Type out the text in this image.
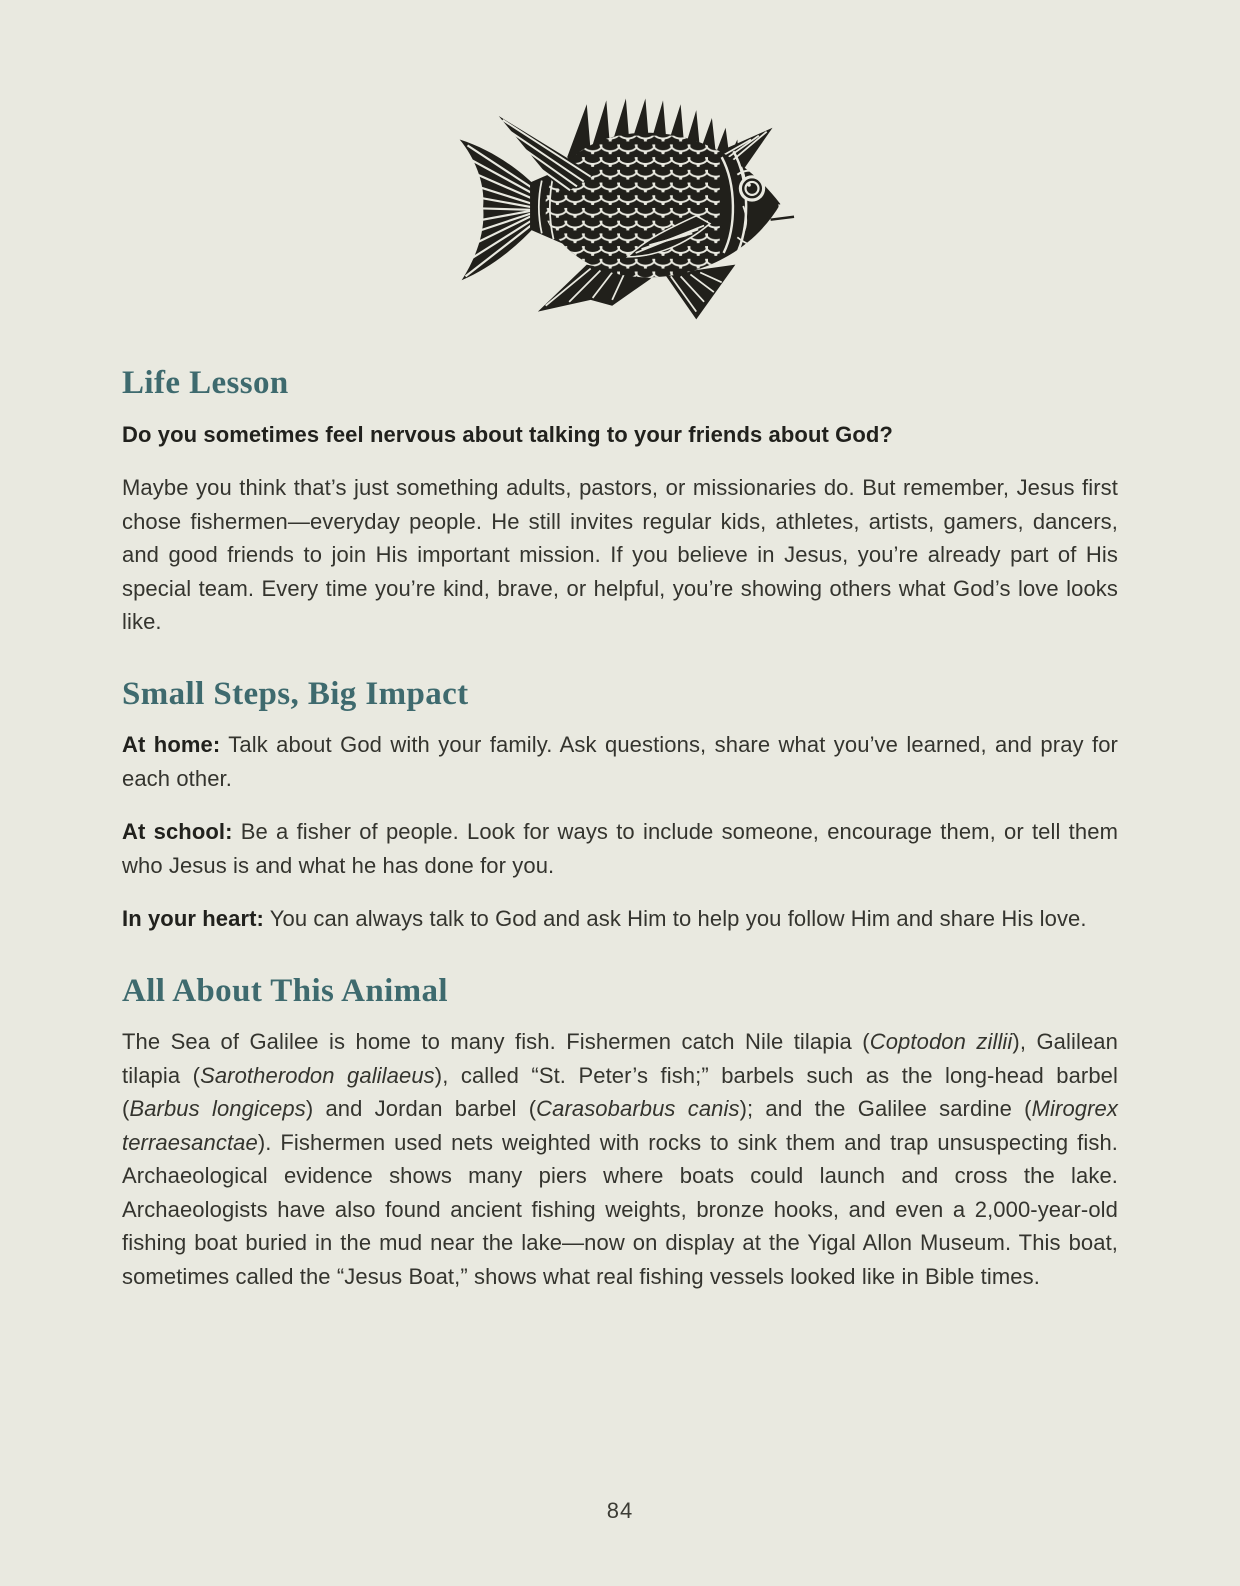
Life Lesson

Do you sometimes feel nervous about talking to your friends about God?

Maybe you think that’s just something adults, pastors, or missionaries do. But remember, Jesus first chose fishermen—everyday people. He still invites regular kids, athletes, artists, gamers, dancers, and good friends to join His important mission. If you believe in Jesus, you’re already part of His special team. Every time you’re kind, brave, or helpful, you’re showing others what God’s love looks like.

Small Steps, Big Impact

At home: Talk about God with your family. Ask questions, share what you’ve learned, and pray for each other.

At school: Be a fisher of people. Look for ways to include someone, encourage them, or tell them who Jesus is and what he has done for you.

In your heart: You can always talk to God and ask Him to help you follow Him and share His love.

All About This Animal

The Sea of Galilee is home to many fish. Fishermen catch Nile tilapia (Coptodon zillii), Galilean tilapia (Sarotherodon galilaeus), called “St. Peter’s fish;” barbels such as the long-head barbel (Barbus longiceps) and Jordan barbel (Carasobarbus canis); and the Galilee sardine (Mirogrex terraesanctae). Fishermen used nets weighted with rocks to sink them and trap unsuspecting fish. Archaeological evidence shows many piers where boats could launch and cross the lake. Archaeologists have also found ancient fishing weights, bronze hooks, and even a 2,000-year-old fishing boat buried in the mud near the lake—now on display at the Yigal Allon Museum. This boat, sometimes called the “Jesus Boat,” shows what real fishing vessels looked like in Bible times.

84
